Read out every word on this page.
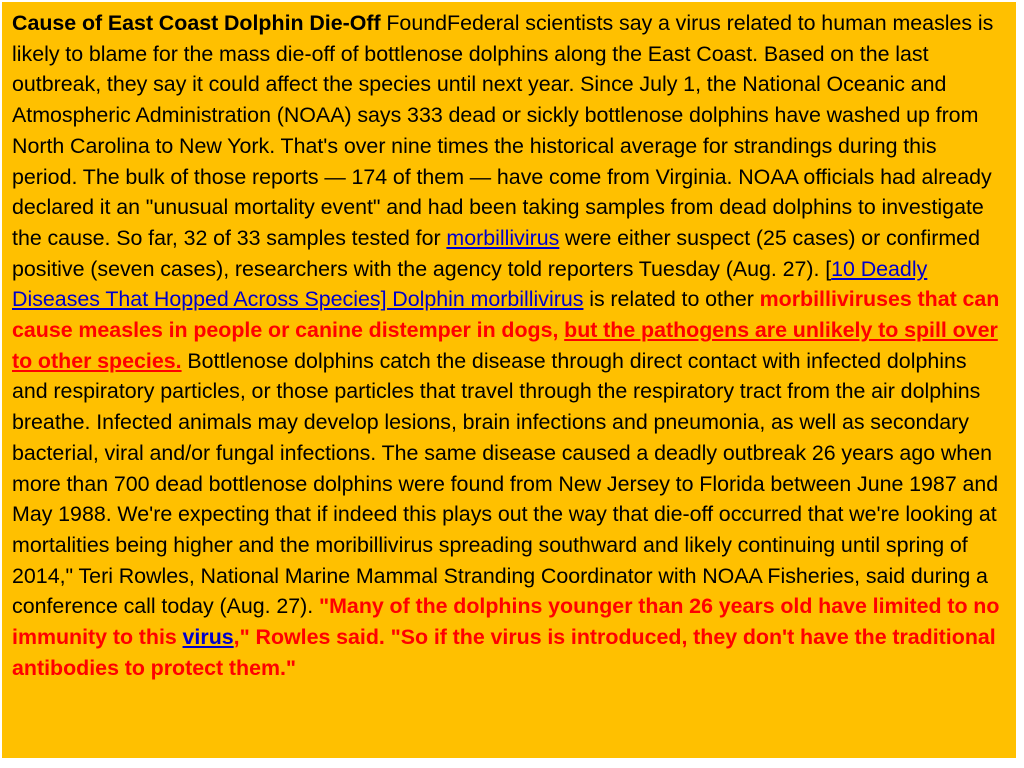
Cause of East Coast Dolphin Die-Off FoundFederal scientists say a virus related to human measles is likely to blame for the mass die-off of bottlenose dolphins along the East Coast. Based on the last outbreak, they say it could affect the species until next year. Since July 1, the National Oceanic and Atmospheric Administration (NOAA) says 333 dead or sickly bottlenose dolphins have washed up from North Carolina to New York. That's over nine times the historical average for strandings during this period. The bulk of those reports — 174 of them — have come from Virginia. NOAA officials had already declared it an "unusual mortality event" and had been taking samples from dead dolphins to investigate the cause. So far, 32 of 33 samples tested for morbillivirus were either suspect (25 cases) or confirmed positive (seven cases), researchers with the agency told reporters Tuesday (Aug. 27). [10 Deadly Diseases That Hopped Across Species] Dolphin morbillivirus is related to other morbilliviruses that can cause measles in people or canine distemper in dogs, but the pathogens are unlikely to spill over to other species. Bottlenose dolphins catch the disease through direct contact with infected dolphins and respiratory particles, or those particles that travel through the respiratory tract from the air dolphins breathe. Infected animals may develop lesions, brain infections and pneumonia, as well as secondary bacterial, viral and/or fungal infections. The same disease caused a deadly outbreak 26 years ago when more than 700 dead bottlenose dolphins were found from New Jersey to Florida between June 1987 and May 1988. We're expecting that if indeed this plays out the way that die-off occurred that we're looking at mortalities being higher and the moribillivirus spreading southward and likely continuing until spring of 2014," Teri Rowles, National Marine Mammal Stranding Coordinator with NOAA Fisheries, said during a conference call today (Aug. 27). "Many of the dolphins younger than 26 years old have limited to no immunity to this virus," Rowles said. "So if the virus is introduced, they don't have the traditional antibodies to protect them."
